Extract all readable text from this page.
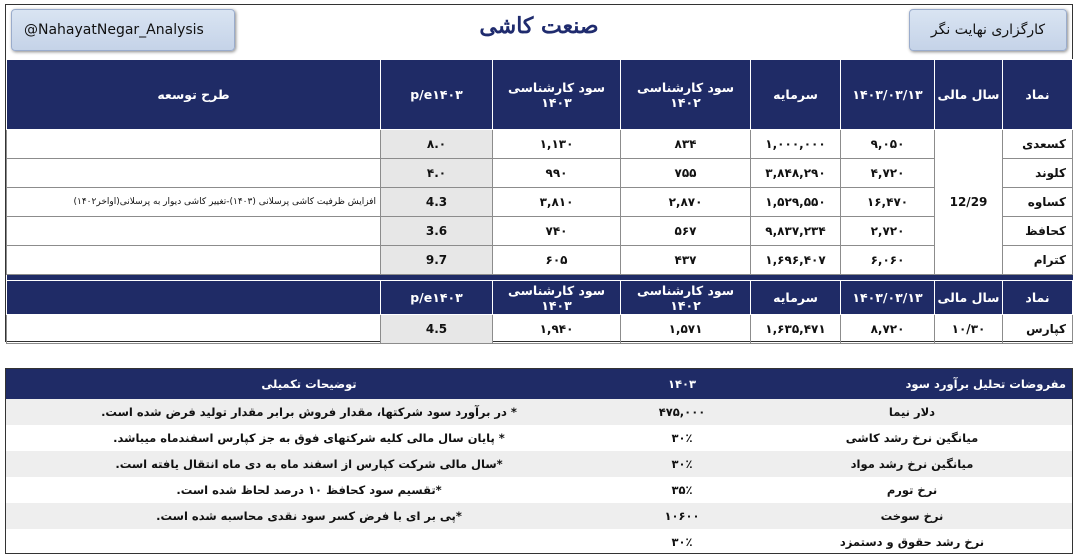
@NahayatNegar_Analysis	صنعت کاشی	کارگزاری نهایت نگر
نماد	سال مالی	۱۴۰۳/۰۳/۱۳	سرمایه	سود کارشناسی ۱۴۰۲	سود کارشناسی ۱۴۰۳	p/e۱۴۰۳	طرح توسعه
کسعدی	12/29	۹,۰۵۰	۱,۰۰۰,۰۰۰	۸۳۴	۱,۱۳۰	۸.۰	
کلوند		۴,۷۲۰	۳,۸۴۸,۲۹۰	۷۵۵	۹۹۰	۴.۰	
کساوه		۱۶,۴۷۰	۱,۵۲۹,۵۵۰	۲,۸۷۰	۳,۸۱۰	4.3	افزایش ظرفیت کاشی پرسلانی (۱۴۰۳)-تغییر کاشی دیوار به پرسلانی(اواخر۱۴۰۲)
کحافظ		۲,۷۲۰	۹,۸۳۷,۲۳۴	۵۶۷	۷۴۰	3.6	
کترام		۶,۰۶۰	۱,۶۹۶,۴۰۷	۴۳۷	۶۰۵	9.7	

نماد	سال مالی	۱۴۰۳/۰۳/۱۳	سرمایه	سود کارشناسی ۱۴۰۲	سود کارشناسی ۱۴۰۳	p/e۱۴۰۳	
کپارس	۱۰/۳۰	۸,۷۲۰	۱,۶۳۵,۴۷۱	۱,۵۷۱	۱,۹۴۰	4.5	
مفروضات تحلیل برآورد سود	۱۴۰۳	توضیحات تکمیلی
دلار نیما	۴۷۵,۰۰۰	* در برآورد سود شرکتها، مقدار فروش برابر مقدار تولید فرض شده است.
میانگین نرخ رشد کاشی	۳۰٪	* پایان سال مالی کلیه شرکتهای فوق به جز کپارس اسفندماه میباشد.
میانگین نرخ رشد مواد	۳۰٪	*سال مالی شرکت کپارس از اسفند ماه به دی ماه انتقال یافته است.
نرخ تورم	۳۵٪	*تقسیم سود کحافظ ۱۰ درصد لحاظ شده است.
نرخ سوخت	۱۰۶۰۰	*پی بر ای با فرض کسر سود نقدی محاسبه شده است.
نرخ رشد حقوق و دستمزد	۳۰٪	
